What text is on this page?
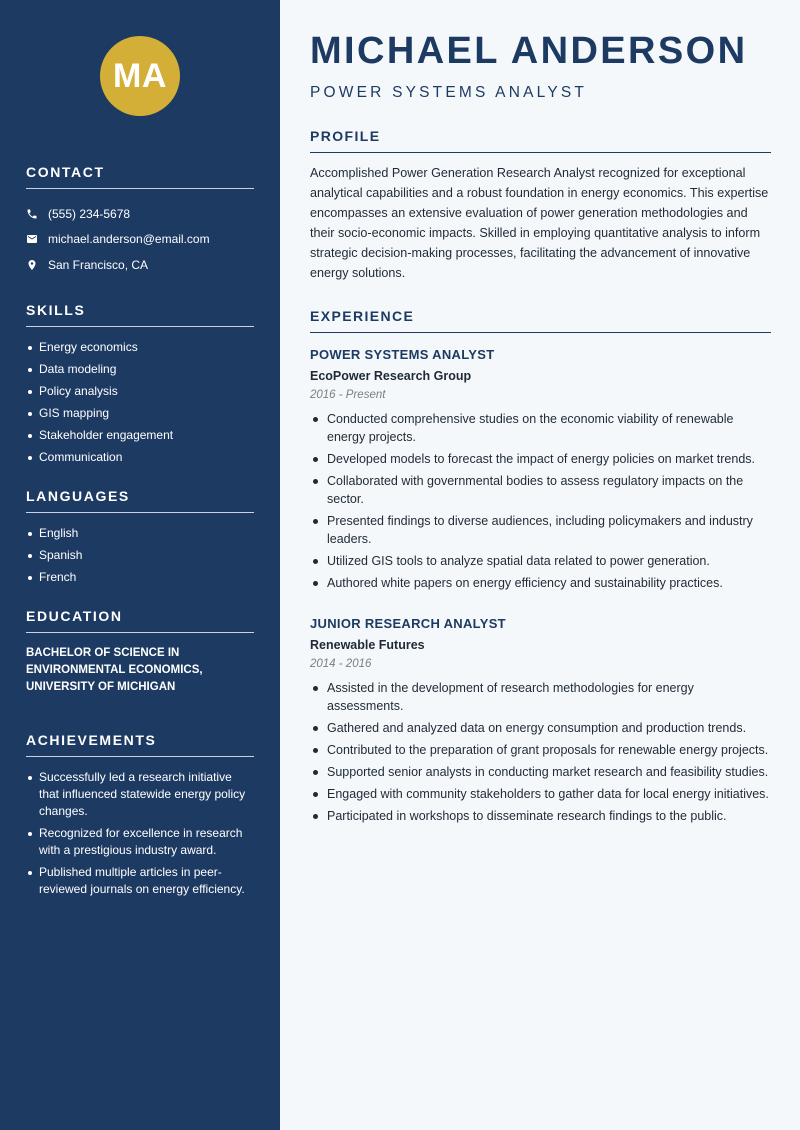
MA
CONTACT
(555) 234-5678
michael.anderson@email.com
San Francisco, CA
SKILLS
Energy economics
Data modeling
Policy analysis
GIS mapping
Stakeholder engagement
Communication
LANGUAGES
English
Spanish
French
EDUCATION
BACHELOR OF SCIENCE IN ENVIRONMENTAL ECONOMICS, UNIVERSITY OF MICHIGAN
ACHIEVEMENTS
Successfully led a research initiative that influenced statewide energy policy changes.
Recognized for excellence in research with a prestigious industry award.
Published multiple articles in peer-reviewed journals on energy efficiency.
MICHAEL ANDERSON
POWER SYSTEMS ANALYST
PROFILE

Accomplished Power Generation Research Analyst recognized for exceptional analytical capabilities and a robust foundation in energy economics. This expertise encompasses an extensive evaluation of power generation methodologies and their socio-economic impacts. Skilled in employing quantitative analysis to inform strategic decision-making processes, facilitating the advancement of innovative energy solutions.

EXPERIENCE
POWER SYSTEMS ANALYST
EcoPower Research Group
2016 - Present
Conducted comprehensive studies on the economic viability of renewable energy projects.
Developed models to forecast the impact of energy policies on market trends.
Collaborated with governmental bodies to assess regulatory impacts on the sector.
Presented findings to diverse audiences, including policymakers and industry leaders.
Utilized GIS tools to analyze spatial data related to power generation.
Authored white papers on energy efficiency and sustainability practices.
JUNIOR RESEARCH ANALYST
Renewable Futures
2014 - 2016
Assisted in the development of research methodologies for energy assessments.
Gathered and analyzed data on energy consumption and production trends.
Contributed to the preparation of grant proposals for renewable energy projects.
Supported senior analysts in conducting market research and feasibility studies.
Engaged with community stakeholders to gather data for local energy initiatives.
Participated in workshops to disseminate research findings to the public.
